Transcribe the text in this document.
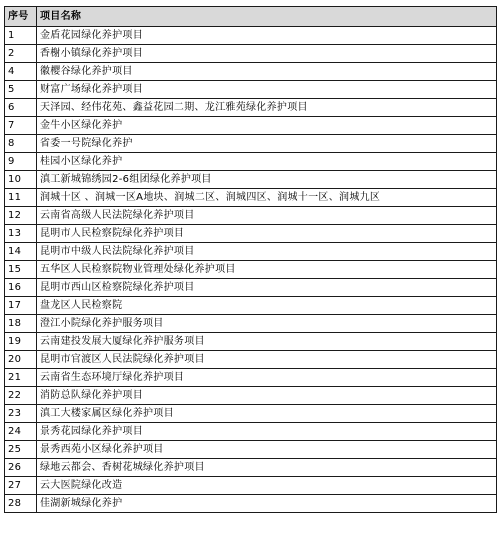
序号	项目名称
1	金盾花园绿化养护项目
2	香榭小镇绿化养护项目
4	徽樱谷绿化养护项目
5	财富广场绿化养护项目
6	天泽园、经伟花苑、鑫益花园二期、龙江雅苑绿化养护项目
7	金牛小区绿化养护
8	省委一号院绿化养护
9	桂园小区绿化养护
10	滇工新城锦绣园2-6组团绿化养护项目
11	润城十区 、润城一区A地块、润城二区、润城四区、润城十一区、润城九区
12	云南省高级人民法院绿化养护项目
13	昆明市人民检察院绿化养护项目
14	昆明市中级人民法院绿化养护项目
15	五华区人民检察院物业管理处绿化养护项目
16	昆明市西山区检察院绿化养护项目
17	盘龙区人民检察院
18	澄江小院绿化养护服务项目
19	云南建投发展大厦绿化养护服务项目
20	昆明市官渡区人民法院绿化养护项目
21	云南省生态环境厅绿化养护项目
22	消防总队绿化养护项目
23	滇工大楼家属区绿化养护项目
24	景秀花园绿化养护项目
25	景秀西苑小区绿化养护项目
26	绿地云都会、香树花城绿化养护项目
27	云大医院绿化改造
28	佳湖新城绿化养护
